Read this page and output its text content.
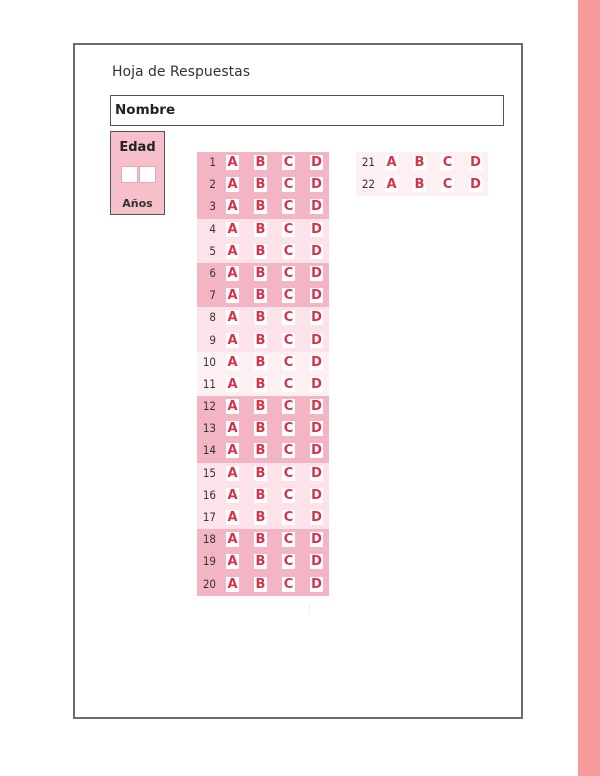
Hoja de Respuestas
Nombre
Edad
Años
1 A B C D
2 A B C D
3 A B C D
4 A B C D
5 A B C D
6 A B C D
7 A B C D
8 A B C D
9 A B C D
10 A B C D
11 A B C D
12 A B C D
13 A B C D
14 A B C D
15 A B C D
16 A B C D
17 A B C D
18 A B C D
19 A B C D
20 A B C D
21 A B C D
22 A B C D
